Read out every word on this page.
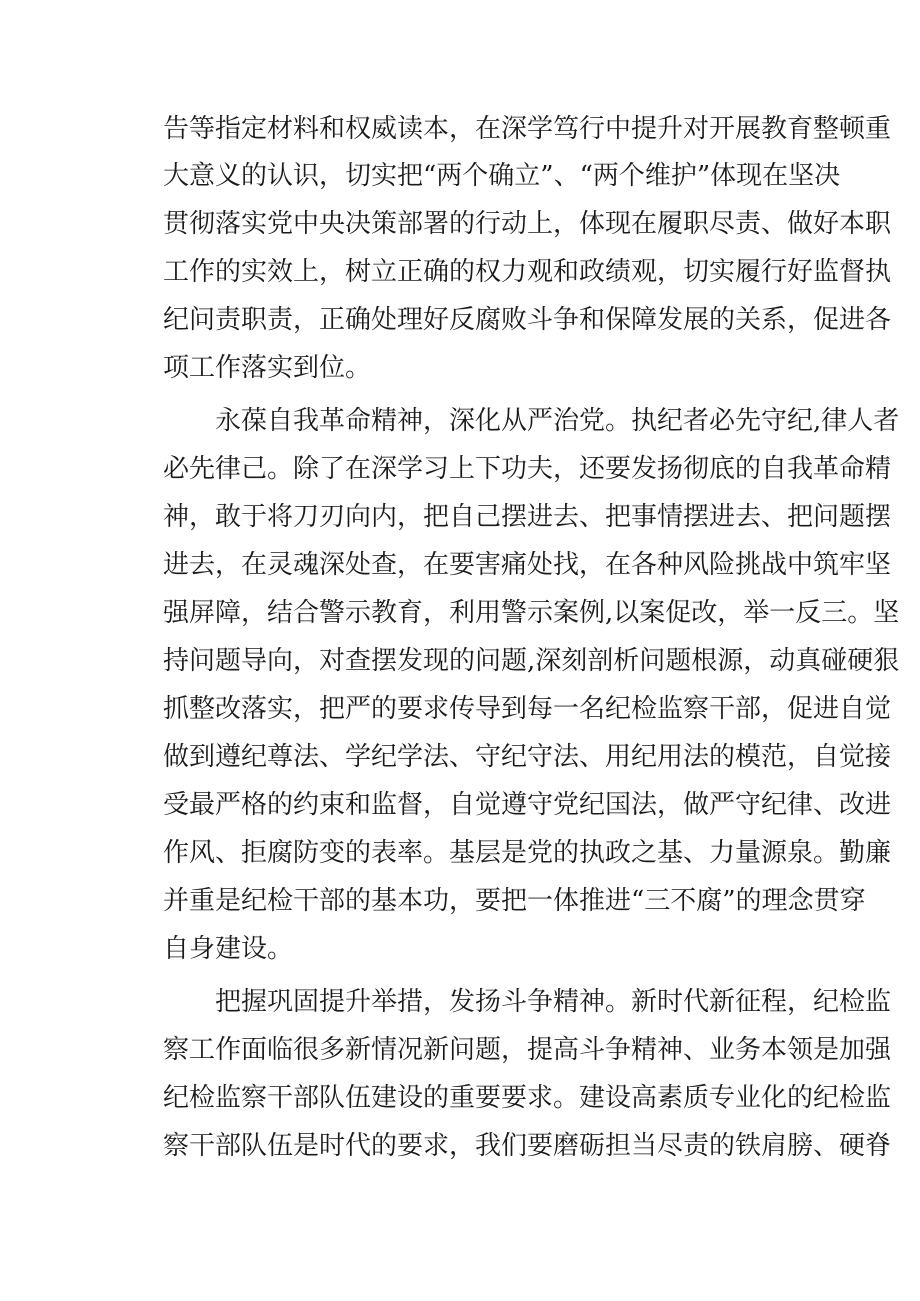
告等指定材料和权威读本，在深学笃行中提升对开展教育整顿重
大意义的认识，切实把“两个确立”、“两个维护”体现在坚决
贯彻落实党中央决策部署的行动上，体现在履职尽责、做好本职
工作的实效上，树立正确的权力观和政绩观，切实履行好监督执
纪问责职责，正确处理好反腐败斗争和保障发展的关系，促进各
项工作落实到位。
永葆自我革命精神，深化从严治党。执纪者必先守纪,律人者
必先律己。除了在深学习上下功夫，还要发扬彻底的自我革命精
神，敢于将刀刃向内，把自己摆进去、把事情摆进去、把问题摆
进去，在灵魂深处查，在要害痛处找，在各种风险挑战中筑牢坚
强屏障，结合警示教育，利用警示案例,以案促改，举一反三。坚
持问题导向，对查摆发现的问题,深刻剖析问题根源，动真碰硬狠
抓整改落实，把严的要求传导到每一名纪检监察干部，促进自觉
做到遵纪尊法、学纪学法、守纪守法、用纪用法的模范，自觉接
受最严格的约束和监督，自觉遵守党纪国法，做严守纪律、改进
作风、拒腐防变的表率。基层是党的执政之基、力量源泉。勤廉
并重是纪检干部的基本功，要把一体推进“三不腐”的理念贯穿
自身建设。
把握巩固提升举措，发扬斗争精神。新时代新征程，纪检监
察工作面临很多新情况新问题，提高斗争精神、业务本领是加强
纪检监察干部队伍建设的重要要求。建设高素质专业化的纪检监
察干部队伍是时代的要求，我们要磨砺担当尽责的铁肩膀、硬脊
